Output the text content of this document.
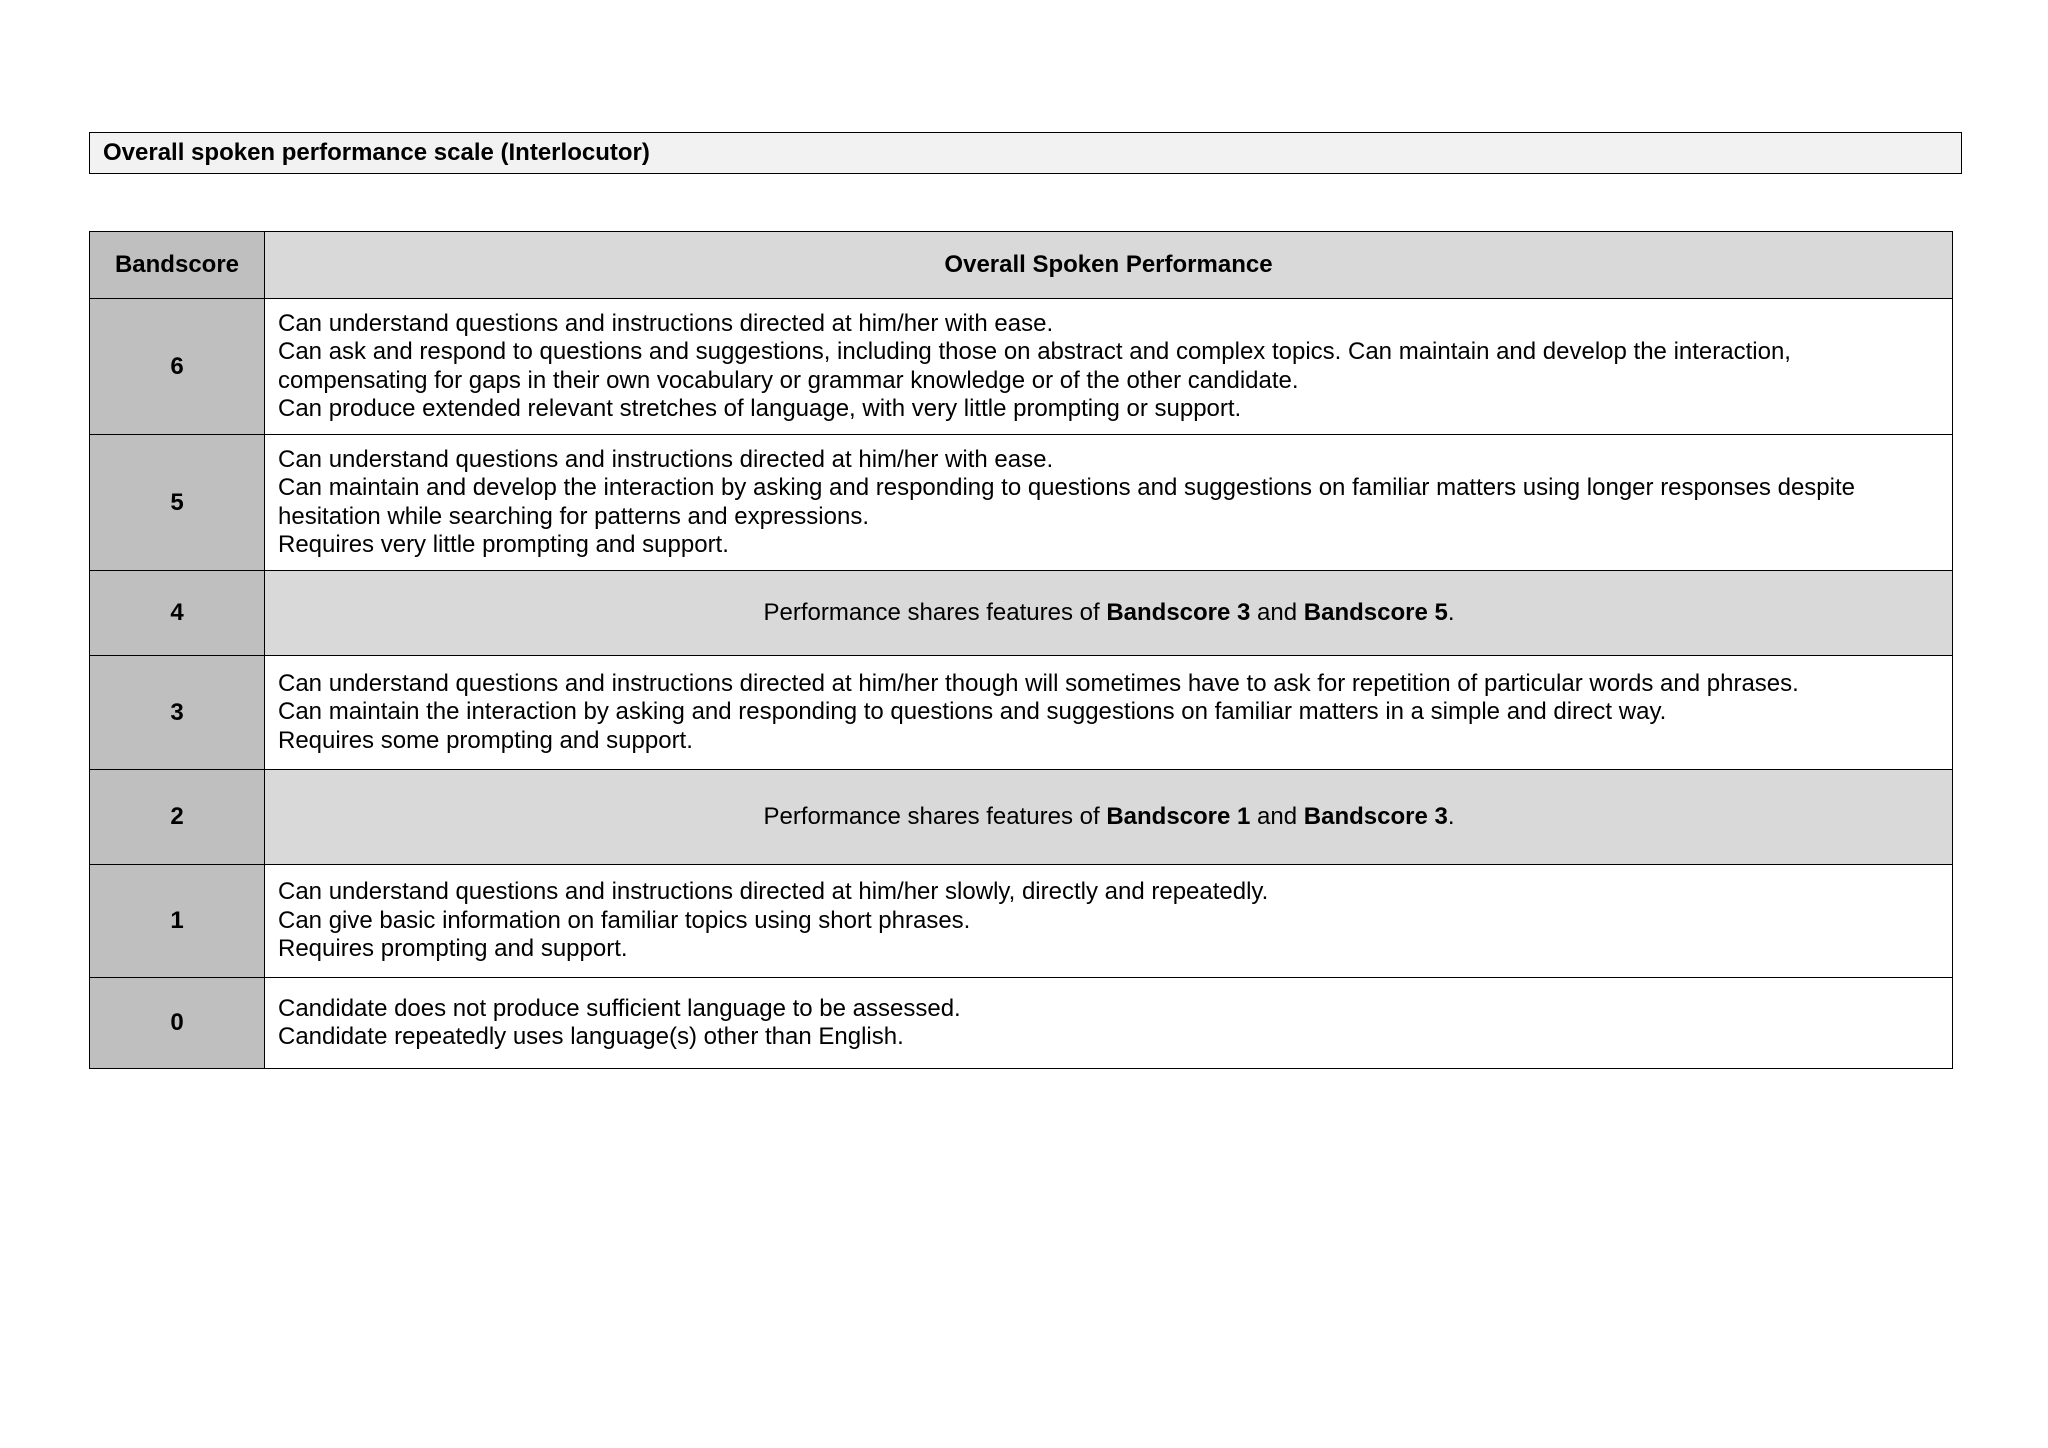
Overall spoken performance scale (Interlocutor)
Bandscore	Overall Spoken Performance
6	Can understand questions and instructions directed at him/her with ease.
Can ask and respond to questions and suggestions, including those on abstract and complex topics. Can maintain and develop the interaction, compensating for gaps in their own vocabulary or grammar knowledge or of the other candidate.
Can produce extended relevant stretches of language, with very little prompting or support.

5	Can understand questions and instructions directed at him/her with ease.
Can maintain and develop the interaction by asking and responding to questions and suggestions on familiar matters using longer responses despite hesitation while searching for patterns and expressions.
Requires very little prompting and support.

4	Performance shares features of Bandscore 3 and Bandscore 5.
3	Can understand questions and instructions directed at him/her though will sometimes have to ask for repetition of particular words and phrases.
Can maintain the interaction by asking and responding to questions and suggestions on familiar matters in a simple and direct way.
Requires some prompting and support.

2	Performance shares features of Bandscore 1 and Bandscore 3.
1	Can understand questions and instructions directed at him/her slowly, directly and repeatedly.
Can give basic information on familiar topics using short phrases.
Requires prompting and support.

0	Candidate does not produce sufficient language to be assessed.
Candidate repeatedly uses language(s) other than English.
